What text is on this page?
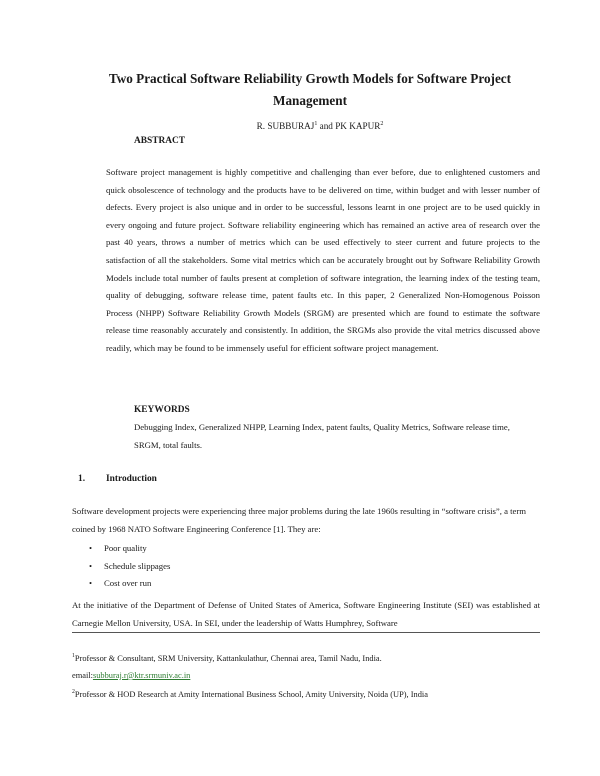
Two Practical Software Reliability Growth Models for Software Project Management
R. SUBBURAJ$^1$ and PK KAPUR$^2$
ABSTRACT
Software project management is highly competitive and challenging than ever before, due to enlightened customers and quick obsolescence of technology and the products have to be delivered on time, within budget and with lesser number of defects. Every project is also unique and in order to be successful, lessons learnt in one project are to be used quickly in every ongoing and future project. Software reliability engineering which has remained an active area of research over the past 40 years, throws a number of metrics which can be used effectively to steer current and future projects to the satisfaction of all the stakeholders. Some vital metrics which can be accurately brought out by Software Reliability Growth Models include total number of faults present at completion of software integration, the learning index of the testing team, quality of debugging, software release time, patent faults etc. In this paper, 2 Generalized Non-Homogenous Poisson Process (NHPP) Software Reliability Growth Models (SRGM) are presented which are found to estimate the software release time reasonably accurately and consistently. In addition, the SRGMs also provide the vital metrics discussed above readily, which may be found to be immensely useful for efficient software project management.
KEYWORDS
Debugging Index, Generalized NHPP, Learning Index, patent faults, Quality Metrics, Software release time, SRGM, total faults.
1. Introduction
Software development projects were experiencing three major problems during the late 1960s resulting in “software crisis”, a term coined by 1968 NATO Software Engineering Conference [1]. They are:
• Poor quality
• Schedule slippages
• Cost over run
At the initiative of the Department of Defense of United States of America, Software Engineering Institute (SEI) was established at Carnegie Mellon University, USA. In SEI, under the leadership of Watts Humphrey, Software
$^1$Professor & Consultant, SRM University, Kattankulathur, Chennai area, Tamil Nadu, India.
email:subburaj.r@ktr.srmuniv.ac.in
$^2$Professor & HOD Research at Amity International Business School, Amity University, Noida (UP), India
